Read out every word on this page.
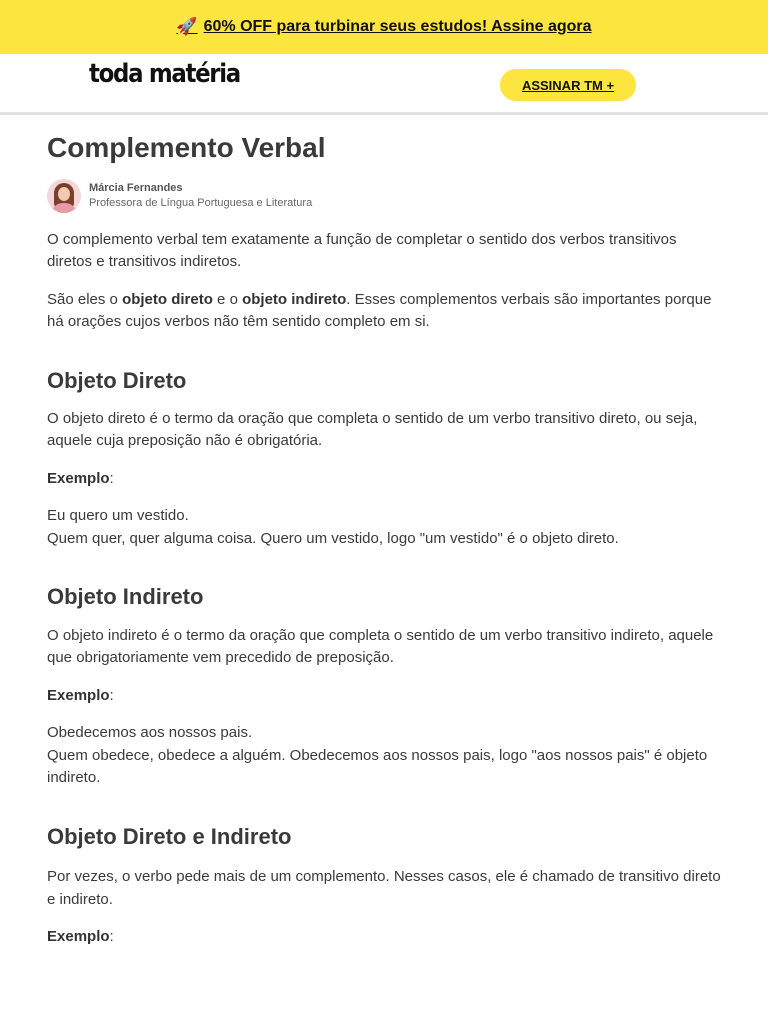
🚀 60% OFF para turbinar seus estudos! Assine agora
toda matéria	ASSINAR TM +
Complemento Verbal
Márcia Fernandes
Professora de Língua Portuguesa e Literatura

O complemento verbal tem exatamente a função de completar o sentido dos verbos transitivos diretos e transitivos indiretos.

São eles o objeto direto e o objeto indireto. Esses complementos verbais são importantes porque há orações cujos verbos não têm sentido completo em si.

Objeto Direto

O objeto direto é o termo da oração que completa o sentido de um verbo transitivo direto, ou seja, aquele cuja preposição não é obrigatória.

Exemplo:

Eu quero um vestido.
Quem quer, quer alguma coisa. Quero um vestido, logo "um vestido" é o objeto direto.

Objeto Indireto

O objeto indireto é o termo da oração que completa o sentido de um verbo transitivo indireto, aquele que obrigatoriamente vem precedido de preposição.

Exemplo:

Obedecemos aos nossos pais.
Quem obedece, obedece a alguém. Obedecemos aos nossos pais, logo "aos nossos pais" é objeto indireto.

Objeto Direto e Indireto

Por vezes, o verbo pede mais de um complemento. Nesses casos, ele é chamado de transitivo direto e indireto.

Exemplo:
